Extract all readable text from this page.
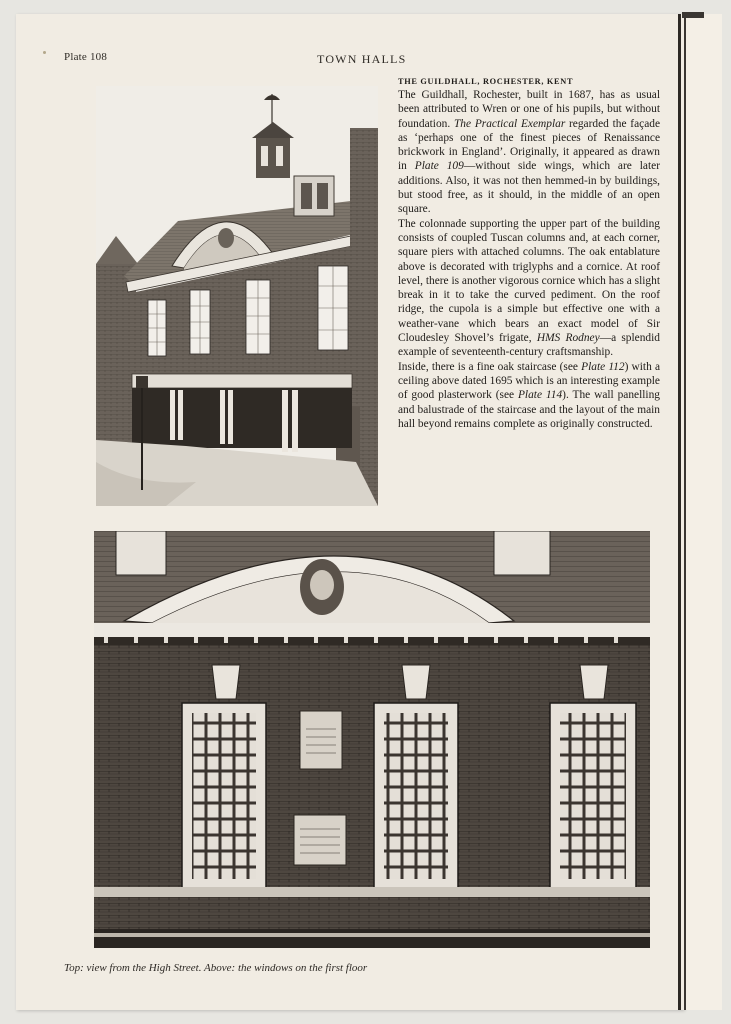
Plate 108	TOWN HALLS
THE GUILDHALL, ROCHESTER, KENT

The Guildhall, Rochester, built in 1687, has as usual been attributed to Wren or one of his pupils, but without foundation. The Practical Exemplar regarded the façade as ‘perhaps one of the finest pieces of Renaissance brickwork in England’. Originally, it appeared as drawn in Plate 109—without side wings, which are later additions. Also, it was not then hemmed-in by buildings, but stood free, as it should, in the middle of an open square.

The colonnade supporting the upper part of the building consists of coupled Tuscan columns and, at each corner, square piers with attached columns. The oak entablature above is decorated with triglyphs and a cornice. At roof level, there is another vigorous cornice which has a slight break in it to take the curved pediment. On the roof ridge, the cupola is a simple but effective one with a weather-vane which bears an exact model of Sir Cloudesley Shovel’s frigate, HMS Rodney—a splendid example of seventeenth-century craftsmanship.

Inside, there is a fine oak staircase (see Plate 112) with a ceiling above dated 1695 which is an interesting example of good plasterwork (see Plate 114). The wall panelling and balustrade of the staircase and the layout of the main hall beyond remains complete as originally constructed.

Top: view from the High Street. Above: the windows on the first floor
